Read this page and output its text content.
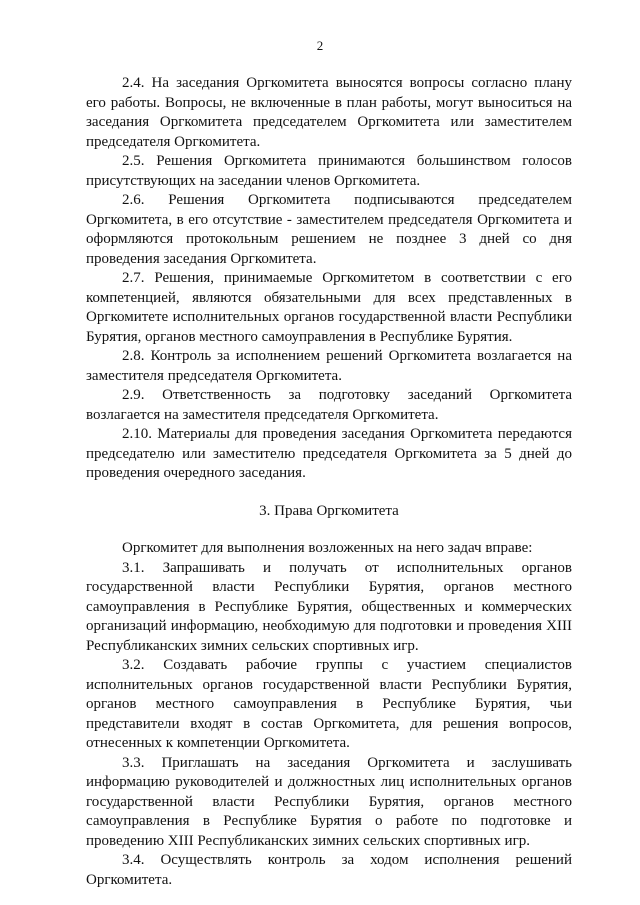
2

2.4. На заседания Оргкомитета выносятся вопросы согласно плану его работы. Вопросы, не включенные в план работы, могут выноситься на заседания Оргкомитета председателем Оргкомитета или заместителем председателя Оргкомитета.

2.5. Решения Оргкомитета принимаются большинством голосов присутствующих на заседании членов Оргкомитета.

2.6. Решения Оргкомитета подписываются председателем Оргкомитета, в его отсутствие - заместителем председателя Оргкомитета и оформляются протокольным решением не позднее 3 дней со дня проведения заседания Оргкомитета.

2.7. Решения, принимаемые Оргкомитетом в соответствии с его компетенцией, являются обязательными для всех представленных в Оргкомитете исполнительных органов государственной власти Республики Бурятия, органов местного самоуправления в Республике Бурятия.

2.8. Контроль за исполнением решений Оргкомитета возлагается на заместителя председателя Оргкомитета.

2.9. Ответственность за подготовку заседаний Оргкомитета возлагается на заместителя председателя Оргкомитета.

2.10. Материалы для проведения заседания Оргкомитета передаются председателю или заместителю председателя Оргкомитета за 5 дней до проведения очередного заседания.

3. Права Оргкомитета

Оргкомитет для выполнения возложенных на него задач вправе:

3.1. Запрашивать и получать от исполнительных органов государственной власти Республики Бурятия, органов местного самоуправления в Республике Бурятия, общественных и коммерческих организаций информацию, необходимую для подготовки и проведения XIII Республиканских зимних сельских спортивных игр.

3.2. Создавать рабочие группы с участием специалистов исполнительных органов государственной власти Республики Бурятия, органов местного самоуправления в Республике Бурятия, чьи представители входят в состав Оргкомитета, для решения вопросов, отнесенных к компетенции Оргкомитета.

3.3. Приглашать на заседания Оргкомитета и заслушивать информацию руководителей и должностных лиц исполнительных органов государственной власти Республики Бурятия, органов местного самоуправления в Республике Бурятия о работе по подготовке и проведению XIII Республиканских зимних сельских спортивных игр.

3.4. Осуществлять контроль за ходом исполнения решений Оргкомитета.
